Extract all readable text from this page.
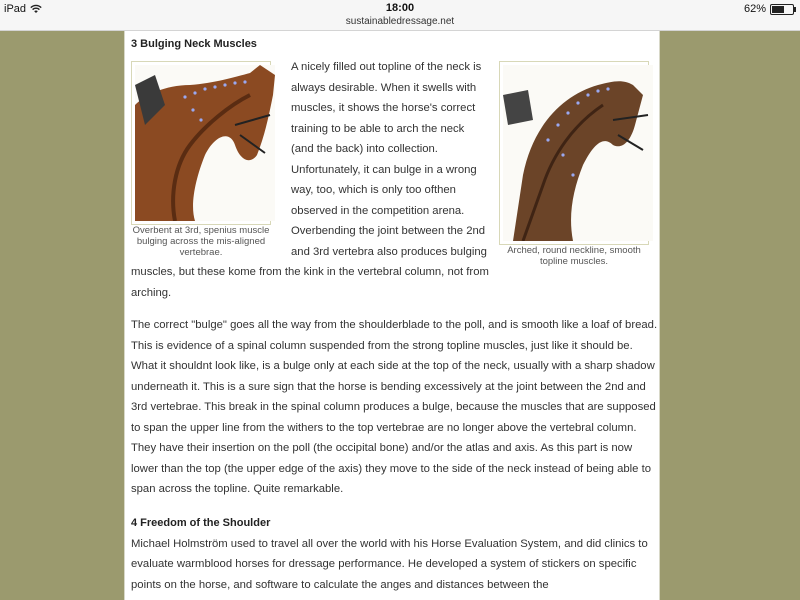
iPad	18:00
sustainabledressage.net
62%
3 Bulging Neck Muscles
Overbent at 3rd, spenius muscle bulging across the mis-aligned vertebrae.	Arched, round neckline, smooth topline muscles.

A nicely filled out topline of the neck is always desirable. When it swells with muscles, it shows the horse's correct training to be able to arch the neck (and the back) into collection. Unfortunately, it can bulge in a wrong way, too, which is only too ofthen observed in the competition arena. Overbending the joint between the 2nd and 3rd vertebra also produces bulging muscles, but these kome from the kink in the vertebral column, not from arching.

The correct "bulge" goes all the way from the shoulderblade to the poll, and is smooth like a loaf of bread. This is evidence of a spinal column suspended from the strong topline muscles, just like it should be. What it shouldnt look like, is a bulge only at each side at the top of the neck, usually with a sharp shadow underneath it. This is a sure sign that the horse is bending excessively at the joint between the 2nd and 3rd vertebrae. This break in the spinal column produces a bulge, because the muscles that are supposed to span the upper line from the withers to the top vertebrae are no longer above the vertebral column. They have their insertion on the poll (the occipital bone) and/or the atlas and axis. As this part is now lower than the top (the upper edge of the axis) they move to the side of the neck instead of being able to span across the topline. Quite remarkable.

4 Freedom of the Shoulder

Michael Holmström used to travel all over the world with his Horse Evaluation System, and did clinics to evaluate warmblood horses for dressage performance. He developed a system of stickers on specific points on the horse, and software to calculate the anges and distances between the
